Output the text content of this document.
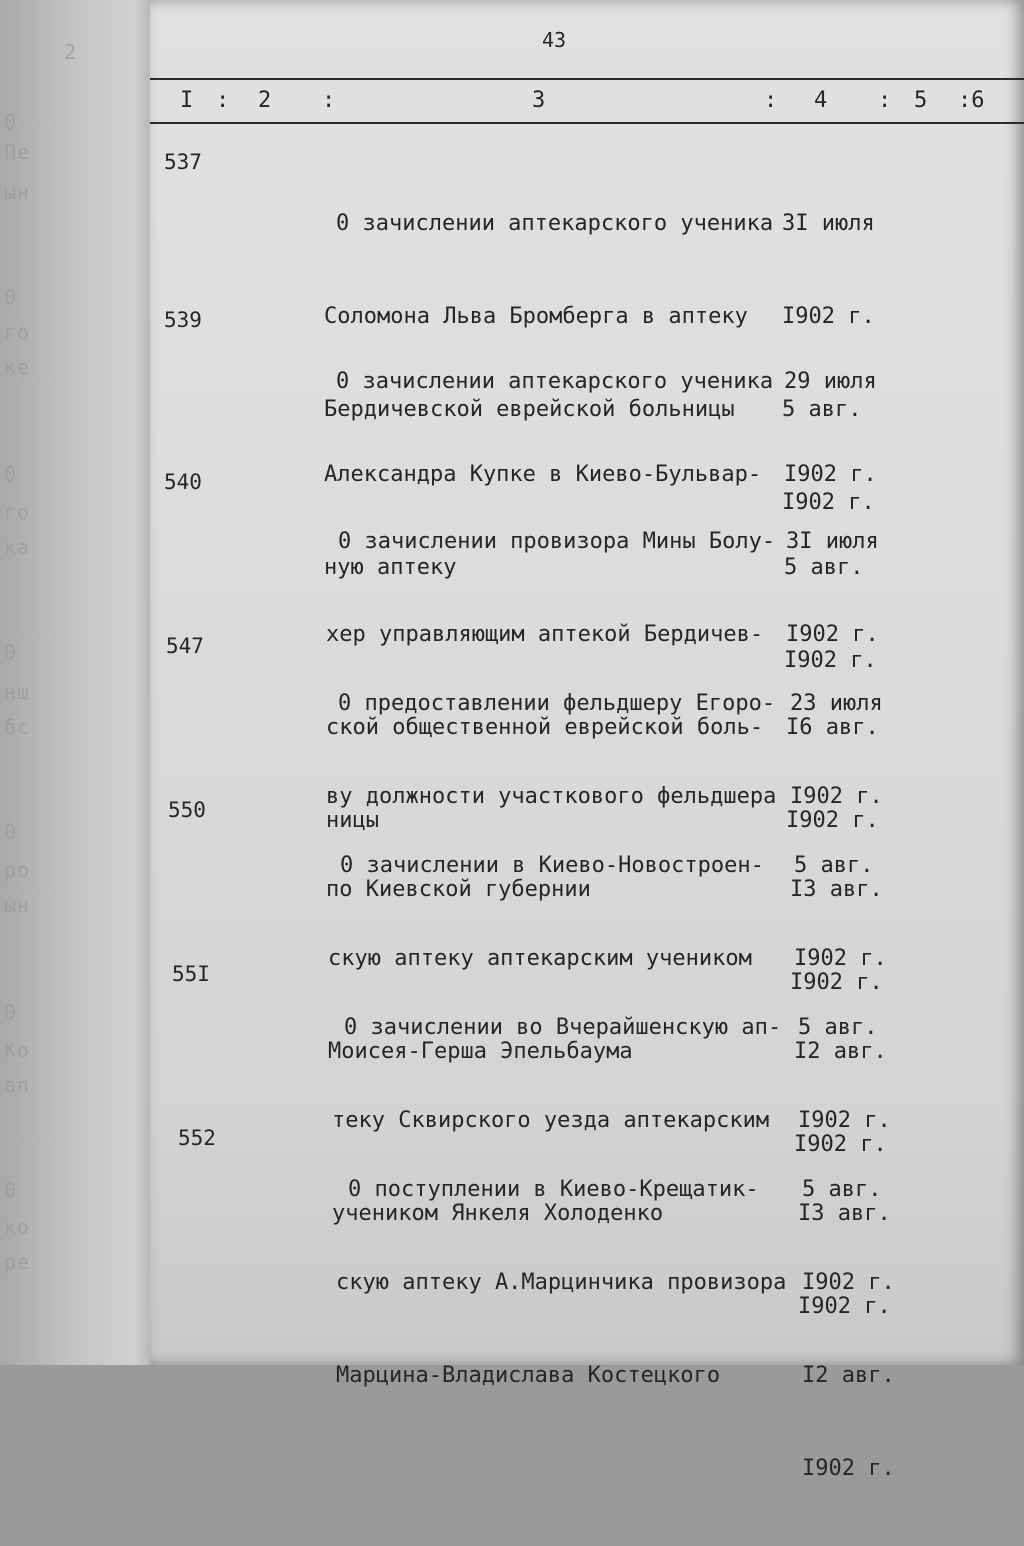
2
0
Пе
ын
0
го
ке
0
го
ка
0
нш
бс
0
ро
ын
0
Ко
ап
0
ко
ре
43
I : 2 :	3	: 4 : 5 :6
537

0 зачислении аптекарского ученика

Соломона Льва Бромберга в аптеку

Бердичевской еврейской больницы

3I июля

I902 г.

5 авг.

I902 г.

539

0 зачислении аптекарского ученика

Александра Купке в Киево-Бульвар-

ную аптеку

29 июля

I902 г.

5 авг.

I902 г.

540

0 зачислении провизора Мины Болу-

хер управляющим аптекой Бердичев-

ской общественной еврейской боль-

ницы

3I июля

I902 г.

I6 авг.

I902 г.

547

0 предоставлении фельдшеру Егоро-

ву должности участкового фельдшера

по Киевской губернии

23 июля

I902 г.

I3 авг.

I902 г.

550

0 зачислении в Киево-Новостроен-

скую аптеку аптекарским учеником

Моисея-Герша Эпельбаума

5 авг.

I902 г.

I2 авг.

I902 г.

55I

0 зачислении во Вчерайшенскую ап-

теку Сквирского уезда аптекарским

учеником Янкеля Холоденко

5 авг.

I902 г.

I3 авг.

I902 г.

552

0 поступлении в Киево-Крещатик-

скую аптеку А.Марцинчика провизора

Марцина-Владислава Костецкого

5 авг.

I902 г.

I2 авг.

I902 г.
